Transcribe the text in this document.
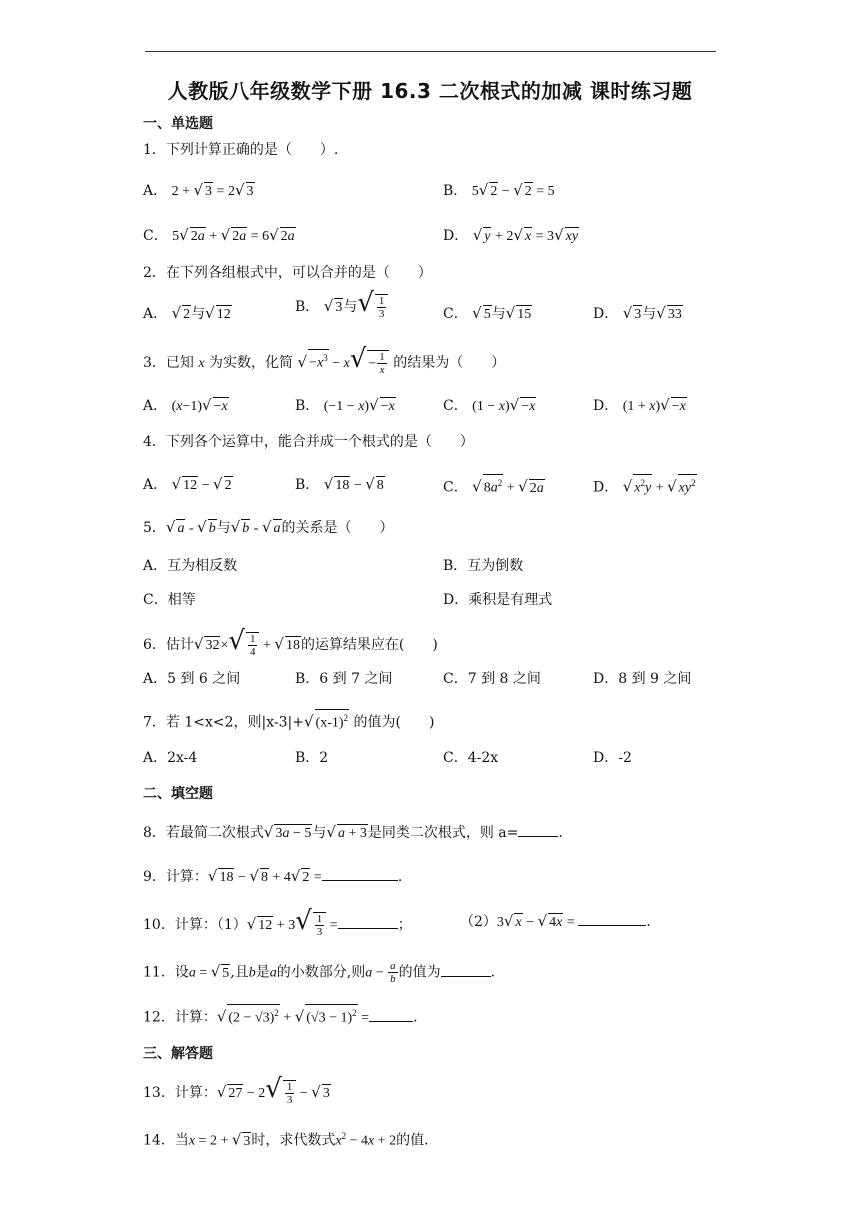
人教版八年级数学下册 16.3 二次根式的加减 课时练习题
一、单选题
1．下列计算正确的是（　　）.
A． 2 + √ 3 = 2√ 3	B． 5√ 2 − √ 2 = 5
C． 5√ 2a + √ 2a = 6√ 2a	D． √ y + 2√ x = 3√ xy
2．在下列各组根式中，可以合并的是（　　）
A． √ 2与√ 12	B． √ 3与√ $\frac{1}{3}$	C． √ 5与√ 15	D． √ 3与√ 33
3．已知 x 为实数，化简 √ $-x^3 - x√ - \frac{1}{x}$ 的结果为（　　）
A． (x−1)√ −x	B． (−1 − x)√ −x	C． (1 − x)√ −x	D． (1 + x)√ −x
4．下列各个运算中，能合并成一个根式的是（　　）
A． √ 12 − √ 2	B． √ 18 − √ 8	C． √ $8a^2$ + √ 2a	D． √ $x^2y$ + √ $xy^2$
5．√ a - √ b与√ b - √ a的关系是（　　）
A．互为相反数	B．互为倒数
C．相等	D．乘积是有理式
6．估计√ $32\times√ \frac{1}{4}$ + √ 18的运算结果应在(　　)
A．5 到 6 之间	B．6 到 7 之间	C．7 到 8 之间	D．8 到 9 之间
7．若 1<x<2，则|x-3|+√ $(x-1)^2$ 的值为(　　)
A．2x-4	B．2	C．4-2x	D．-2
二、填空题
8．若最简二次根式√ 3a − 5与√ a + 3是同类二次根式，则 a=	.
9．计算：√ 18 − √ 8 + 4√ 2 =	.
10．计算：（1）√ $12 + 3√ \frac{1}{3}$ =	；	（2）3√ x − √ 4x =	.
11．设a = √ 5,且b是a的小数部分,则$a - \frac{a}{b}$ 的值为	.
12．计算：√ $(2 - √3)^2$ + √ $(√3 - 1)^2$ =	.
三、解答题
13．计算：√ $27 - 2√ \frac{1}{3}$ − √ 3
14．当x = 2 + √ 3时，求代数式$x^2 - 4x + 2$的值.
